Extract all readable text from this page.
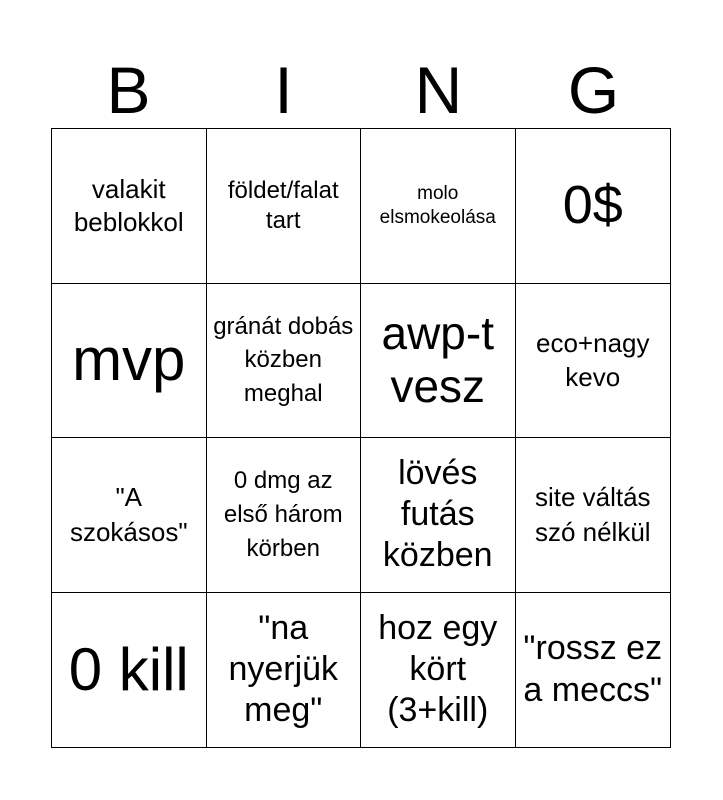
B	I	N	G
valakit beblokkol
földet/falat tart
molo elsmokeolása 0$
mvp gránát dobás közben meghal
awp-t vesz
eco+nagy kevo
"A szokásos"
0 dmg az első három körben
lövés futás közben
site váltás szó nélkül
0 kill
"na nyerjük meg"
hoz egy kört (3+kill)
"rossz ez a meccs"
